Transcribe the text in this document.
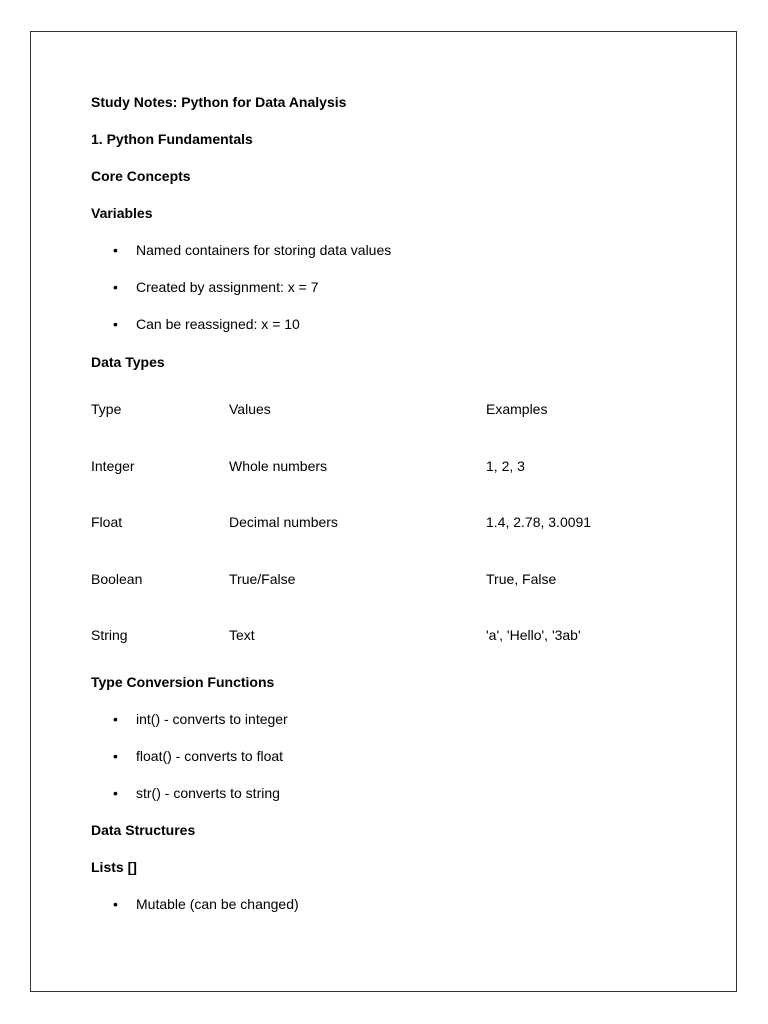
Study Notes: Python for Data Analysis

1. Python Fundamentals

Core Concepts

Variables

• Named containers for storing data values
• Created by assignment: x = 7
• Can be reassigned: x = 10

Data Types

Type	Values	Examples
Integer	Whole numbers	1, 2, 3
Float	Decimal numbers	1.4, 2.78, 3.0091
Boolean	True/False	True, False
String	Text	'a', 'Hello', '3ab'

Type Conversion Functions

• int() - converts to integer
• float() - converts to float
• str() - converts to string

Data Structures

Lists []

• Mutable (can be changed)
